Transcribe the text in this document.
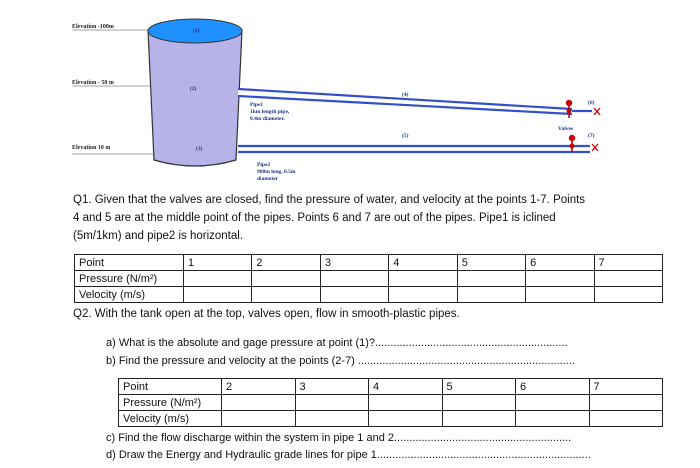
Elevation -100m
Elevation - 50 m
Elevation 10 m
(1)
(2)
(3)
(4)
(5)
(6)
(7)
Pipe1
1km length pipe,
0.4m diameter.
Pipe2
900m long, 0.5m
diameter
Valves
Q1. Given that the valves are closed, find the pressure of water, and velocity at the points 1-7. Points
4 and 5 are at the middle point of the pipes. Points 6 and 7 are out of the pipes. Pipe1 is iclined
(5m/1km) and pipe2 is horizontal.
Point	1	2	3	4	5	6	7
Pressure (N/m²)							
Velocity (m/s)							
Q2. With the tank open at the top, valves open, flow in smooth-plastic pipes.
a) What is the absolute and gage pressure at point (1)?...............................................................
b) Find the pressure and velocity at the points (2-7) .......................................................................
Point	2	3	4	5	6	7
Pressure (N/m²)						
Velocity (m/s)						
c) Find the flow discharge within the system in pipe 1 and 2..........................................................
d) Draw the Energy and Hydraulic grade lines for pipe 1......................................................................
